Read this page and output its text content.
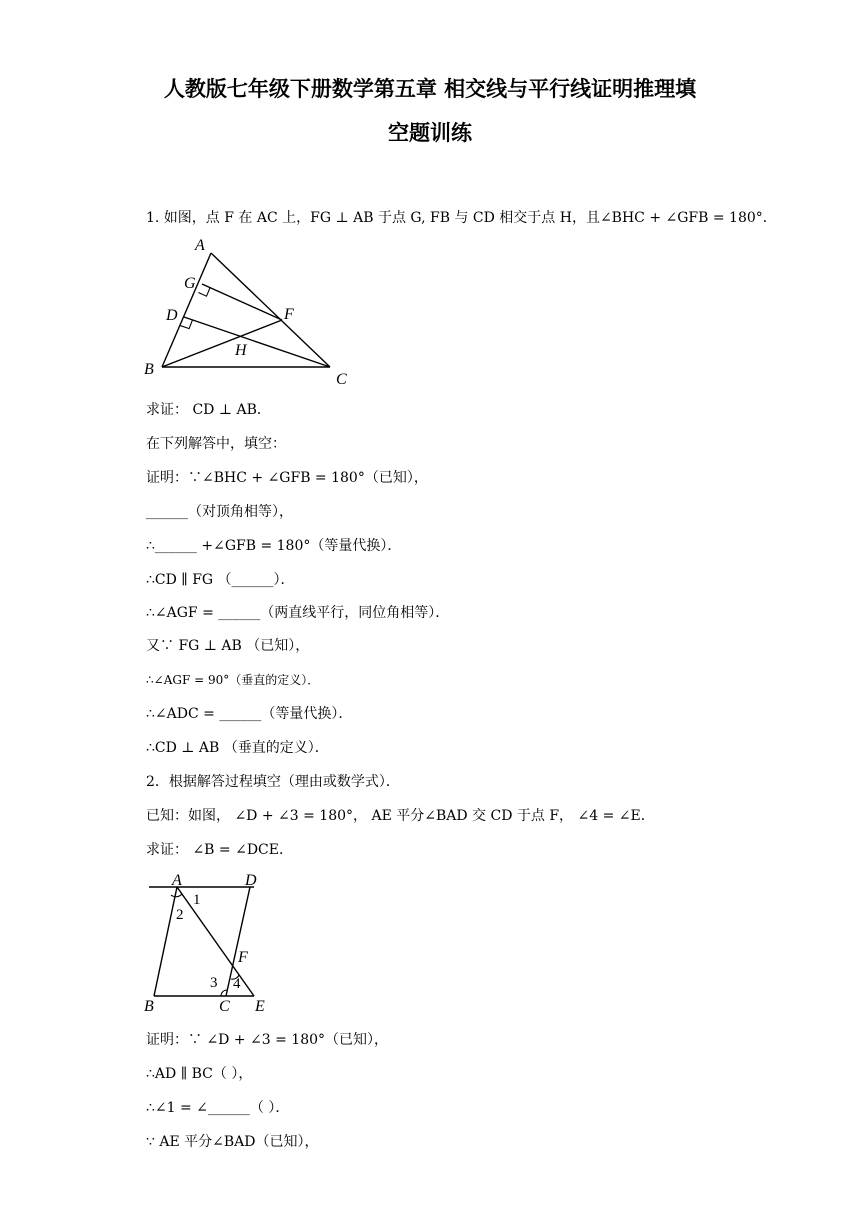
人教版七年级下册数学第五章 相交线与平行线证明推理填
空题训练
1. 如图，点 F 在 AC 上，FG ⊥ AB 于点 G, FB 与 CD 相交于点 H，且∠BHC + ∠GFB = 180°．
A
G
D	F
H
B
C
求证： CD ⊥ AB．
在下列解答中，填空：
证明：∵∠BHC + ∠GFB = 180°（已知），
______（对顶角相等），
∴______ +∠GFB = 180°（等量代换）．
∴CD ∥ FG （______）．
∴∠AGF = ______（两直线平行，同位角相等）．
又∵ FG ⊥ AB （已知），
∴∠AGF = 90°（垂直的定义）．
∴∠ADC = ______（等量代换）．
∴CD ⊥ AB （垂直的定义）．
2．根据解答过程填空（理由或数学式）．
已知：如图， ∠D + ∠3 = 180°， AE 平分∠BAD 交 CD 于点 F， ∠4 = ∠E．
求证： ∠B = ∠DCE．
A	D
1
2
F
3 4
B	C E
证明：∵ ∠D + ∠3 = 180°（已知），
∴AD ∥ BC（ ），
∴∠1 = ∠______（ ）．
∵ AE 平分∠BAD（已知），
